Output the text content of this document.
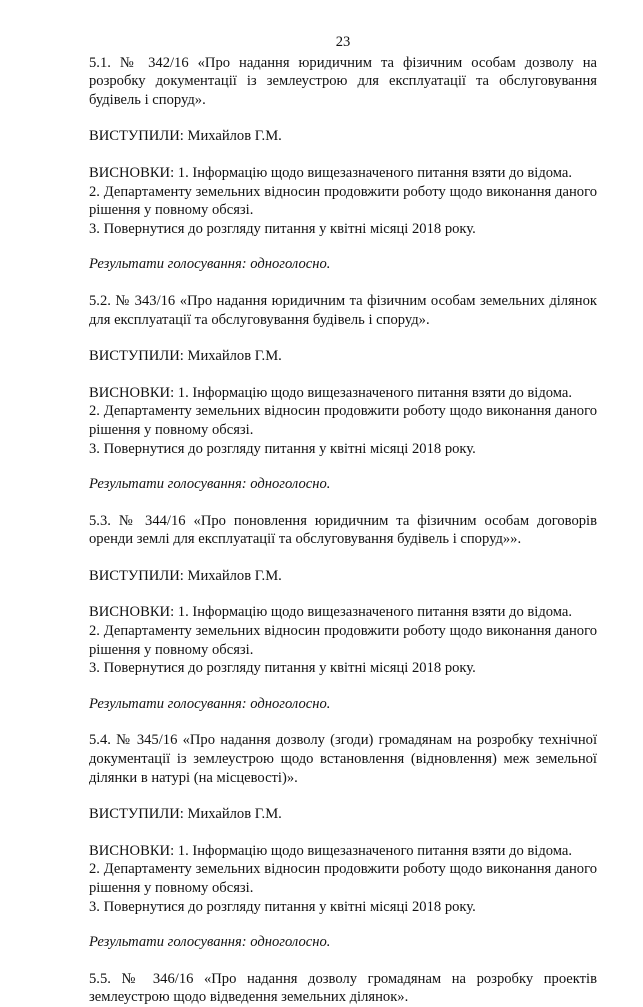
23

5.1. № 342/16 «Про надання юридичним та фізичним особам дозволу на розробку документації із землеустрою для експлуатації та обслуговування будівель і споруд».

ВИСТУПИЛИ: Михайлов Г.М.

ВИСНОВКИ: 1. Інформацію щодо вищезазначеного питання взяти до відома.

2. Департаменту земельних відносин продовжити роботу щодо виконання даного рішення у повному обсязі.

3. Повернутися до розгляду питання у квітні місяці 2018 року.

Результати голосування: одноголосно.

5.2. № 343/16 «Про надання юридичним та фізичним особам земельних ділянок для експлуатації та обслуговування будівель і споруд».

ВИСТУПИЛИ: Михайлов Г.М.

ВИСНОВКИ: 1. Інформацію щодо вищезазначеного питання взяти до відома.

2. Департаменту земельних відносин продовжити роботу щодо виконання даного рішення у повному обсязі.

3. Повернутися до розгляду питання у квітні місяці 2018 року.

Результати голосування: одноголосно.

5.3. № 344/16 «Про поновлення юридичним та фізичним особам договорів оренди землі для експлуатації та обслуговування будівель і споруд»».

ВИСТУПИЛИ: Михайлов Г.М.

ВИСНОВКИ: 1. Інформацію щодо вищезазначеного питання взяти до відома.

2. Департаменту земельних відносин продовжити роботу щодо виконання даного рішення у повному обсязі.

3. Повернутися до розгляду питання у квітні місяці 2018 року.

Результати голосування: одноголосно.

5.4. № 345/16 «Про надання дозволу (згоди) громадянам на розробку технічної документації із землеустрою щодо встановлення (відновлення) меж земельної ділянки в натурі (на місцевості)».

ВИСТУПИЛИ: Михайлов Г.М.

ВИСНОВКИ: 1. Інформацію щодо вищезазначеного питання взяти до відома.

2. Департаменту земельних відносин продовжити роботу щодо виконання даного рішення у повному обсязі.

3. Повернутися до розгляду питання у квітні місяці 2018 року.

Результати голосування: одноголосно.

5.5. № 346/16 «Про надання дозволу громадянам на розробку проектів землеустрою щодо відведення земельних ділянок».
